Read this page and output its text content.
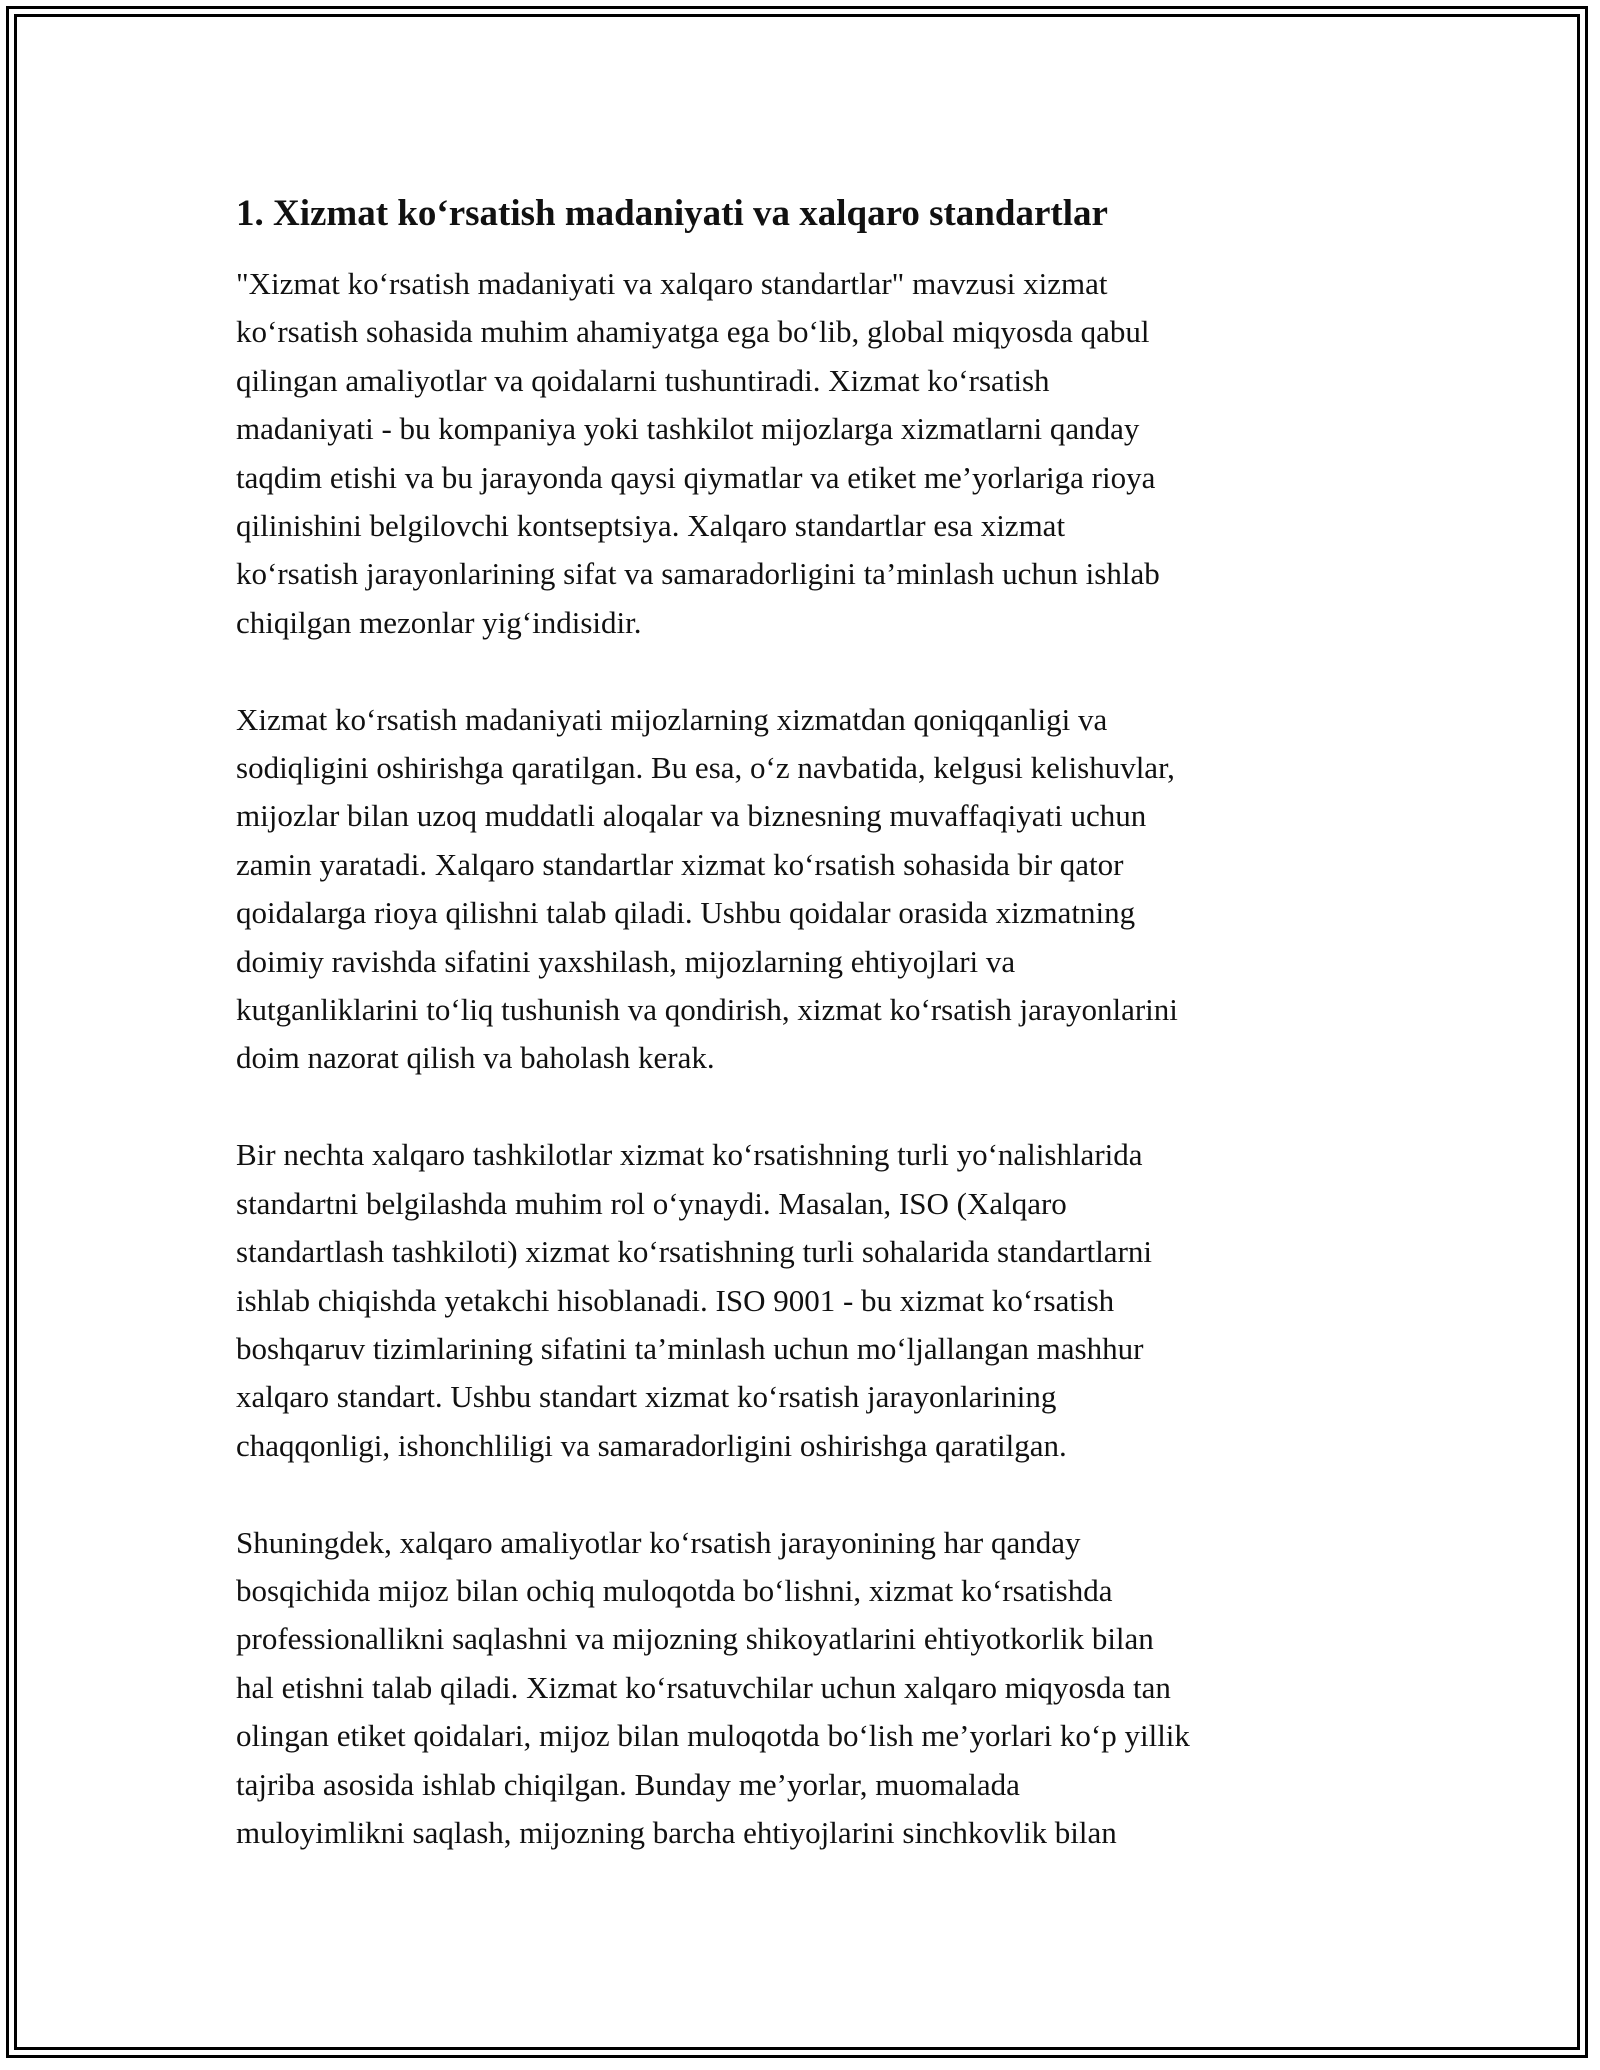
1. Xizmat ko‘rsatish madaniyati va xalqaro standartlar
"Xizmat ko‘rsatish madaniyati va xalqaro standartlar" mavzusi xizmat
ko‘rsatish sohasida muhim ahamiyatga ega bo‘lib, global miqyosda qabul
qilingan amaliyotlar va qoidalarni tushuntiradi. Xizmat ko‘rsatish
madaniyati - bu kompaniya yoki tashkilot mijozlarga xizmatlarni qanday
taqdim etishi va bu jarayonda qaysi qiymatlar va etiket me’yorlariga rioya
qilinishini belgilovchi kontseptsiya. Xalqaro standartlar esa xizmat
ko‘rsatish jarayonlarining sifat va samaradorligini ta’minlash uchun ishlab
chiqilgan mezonlar yig‘indisidir.
Xizmat ko‘rsatish madaniyati mijozlarning xizmatdan qoniqqanligi va
sodiqligini oshirishga qaratilgan. Bu esa, o‘z navbatida, kelgusi kelishuvlar,
mijozlar bilan uzoq muddatli aloqalar va biznesning muvaffaqiyati uchun
zamin yaratadi. Xalqaro standartlar xizmat ko‘rsatish sohasida bir qator
qoidalarga rioya qilishni talab qiladi. Ushbu qoidalar orasida xizmatning
doimiy ravishda sifatini yaxshilash, mijozlarning ehtiyojlari va
kutganliklarini to‘liq tushunish va qondirish, xizmat ko‘rsatish jarayonlarini
doim nazorat qilish va baholash kerak.
Bir nechta xalqaro tashkilotlar xizmat ko‘rsatishning turli yo‘nalishlarida
standartni belgilashda muhim rol o‘ynaydi. Masalan, ISO (Xalqaro
standartlash tashkiloti) xizmat ko‘rsatishning turli sohalarida standartlarni
ishlab chiqishda yetakchi hisoblanadi. ISO 9001 - bu xizmat ko‘rsatish
boshqaruv tizimlarining sifatini ta’minlash uchun mo‘ljallangan mashhur
xalqaro standart. Ushbu standart xizmat ko‘rsatish jarayonlarining
chaqqonligi, ishonchliligi va samaradorligini oshirishga qaratilgan.
Shuningdek, xalqaro amaliyotlar ko‘rsatish jarayonining har qanday
bosqichida mijoz bilan ochiq muloqotda bo‘lishni, xizmat ko‘rsatishda
professionallikni saqlashni va mijozning shikoyatlarini ehtiyotkorlik bilan
hal etishni talab qiladi. Xizmat ko‘rsatuvchilar uchun xalqaro miqyosda tan
olingan etiket qoidalari, mijoz bilan muloqotda bo‘lish me’yorlari ko‘p yillik
tajriba asosida ishlab chiqilgan. Bunday me’yorlar, muomalada
muloyimlikni saqlash, mijozning barcha ehtiyojlarini sinchkovlik bilan
